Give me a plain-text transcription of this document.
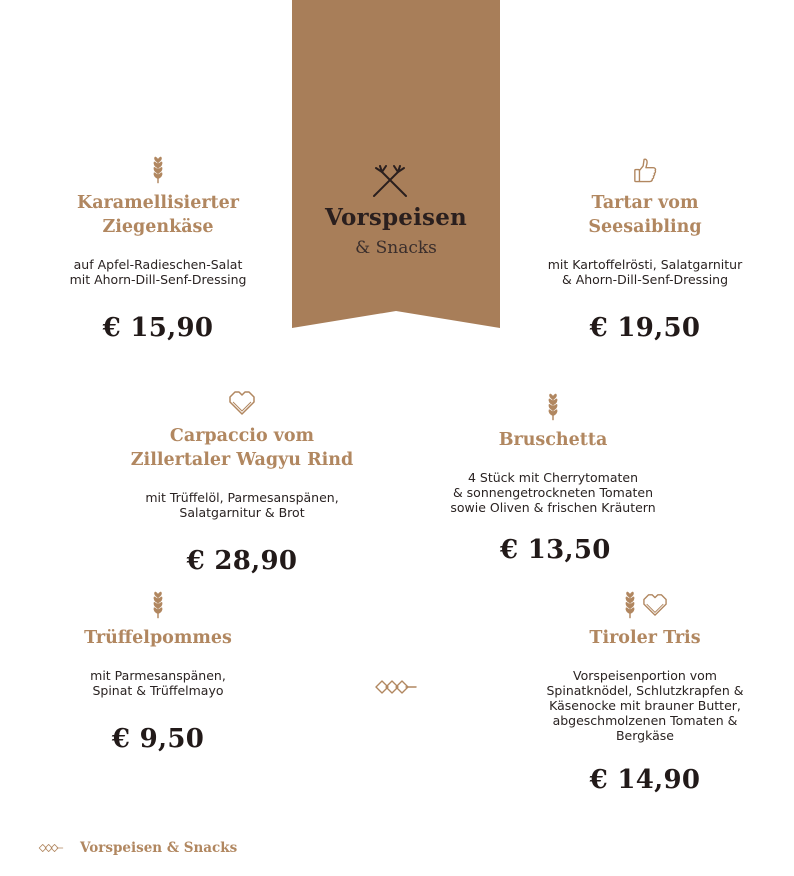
Vorspeisen
& Snacks
Karamellisierter
Ziegenkäse
auf Apfel-Radieschen-Salat
mit Ahorn-Dill-Senf-Dressing
€ 15,90
Tartar vom
Seesaibling
mit Kartoffelrösti, Salatgarnitur
& Ahorn-Dill-Senf-Dressing
€ 19,50
Carpaccio vom
Zillertaler Wagyu Rind
mit Trüffelöl, Parmesanspänen,
Salatgarnitur & Brot
€ 28,90
Bruschetta
4 Stück mit Cherrytomaten
& sonnengetrockneten Tomaten
sowie Oliven & frischen Kräutern
€ 13,50
Trüffelpommes
mit Parmesanspänen,
Spinat & Trüffelmayo
€ 9,50
Tiroler Tris
Vorspeisenportion vom
Spinatknödel, Schlutzkrapfen &
Käsenocke mit brauner Butter,
abgeschmolzenen Tomaten &
Bergkäse
€ 14,90
Vorspeisen & Snacks
